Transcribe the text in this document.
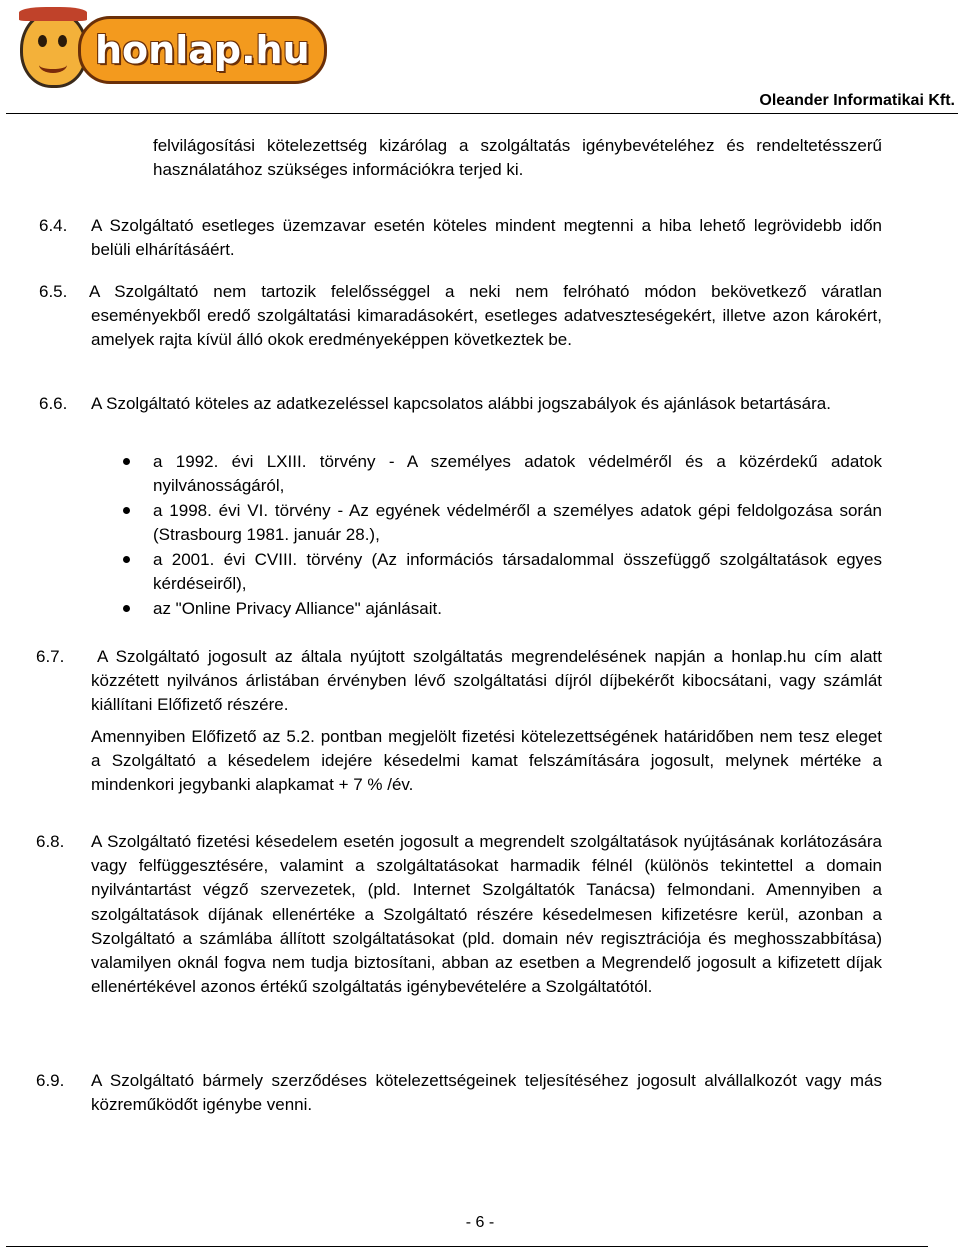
honlap.hu
Oleander Informatikai Kft.
felvilágosítási kötelezettség kizárólag a szolgáltatás igénybevételéhez és rendeltetésszerű használatához szükséges információkra terjed ki.
6.4. A Szolgáltató esetleges üzemzavar esetén köteles mindent megtenni a hiba lehető legrövidebb időn belüli elhárításáért.
6.5. A Szolgáltató nem tartozik felelősséggel a neki nem felróható módon bekövetkező váratlan eseményekből eredő szolgáltatási kimaradásokért, esetleges adatveszteségekért, illetve azon károkért, amelyek rajta kívül álló okok eredményeképpen következtek be.
6.6. A Szolgáltató köteles az adatkezeléssel kapcsolatos alábbi jogszabályok és ajánlások betartására.
a 1992. évi LXIII. törvény - A személyes adatok védelméről és a közérdekű adatok nyilvánosságáról,
a 1998. évi VI. törvény - Az egyének védelméről a személyes adatok gépi feldolgozása során (Strasbourg 1981. január 28.),
a 2001. évi CVIII. törvény (Az információs társadalommal összefüggő szolgáltatások egyes kérdéseiről),
az "Online Privacy Alliance" ajánlásait.
6.7.	A Szolgáltató jogosult az általa nyújtott szolgáltatás megrendelésének napján a honlap.hu cím alatt közzétett nyilvános árlistában érvényben lévő szolgáltatási díjról díjbekérőt kibocsátani, vagy számlát kiállítani Előfizető részére.
Amennyiben Előfizető az 5.2. pontban megjelölt fizetési kötelezettségének határidőben nem tesz eleget a Szolgáltató a késedelem idejére késedelmi kamat felszámítására jogosult, melynek mértéke a mindenkori jegybanki alapkamat + 7 % /év.
6.8. A Szolgáltató fizetési késedelem esetén jogosult a megrendelt szolgáltatások nyújtásának korlátozására vagy felfüggesztésére, valamint a szolgáltatásokat harmadik félnél (különös tekintettel a domain nyilvántartást végző szervezetek, (pld. Internet Szolgáltatók Tanácsa) felmondani. Amennyiben a szolgáltatások díjának ellenértéke a Szolgáltató részére késedelmesen kifizetésre kerül, azonban a Szolgáltató a számlába állított szolgáltatásokat (pld. domain név regisztrációja és meghosszabbítása) valamilyen oknál fogva nem tudja biztosítani, abban az esetben a Megrendelő jogosult a kifizetett díjak ellenértékével azonos értékű szolgáltatás igénybevételére a Szolgáltatótól.
6.9. A Szolgáltató bármely szerződéses kötelezettségeinek teljesítéséhez jogosult alvállalkozót vagy más közreműködőt igénybe venni.
- 6 -
